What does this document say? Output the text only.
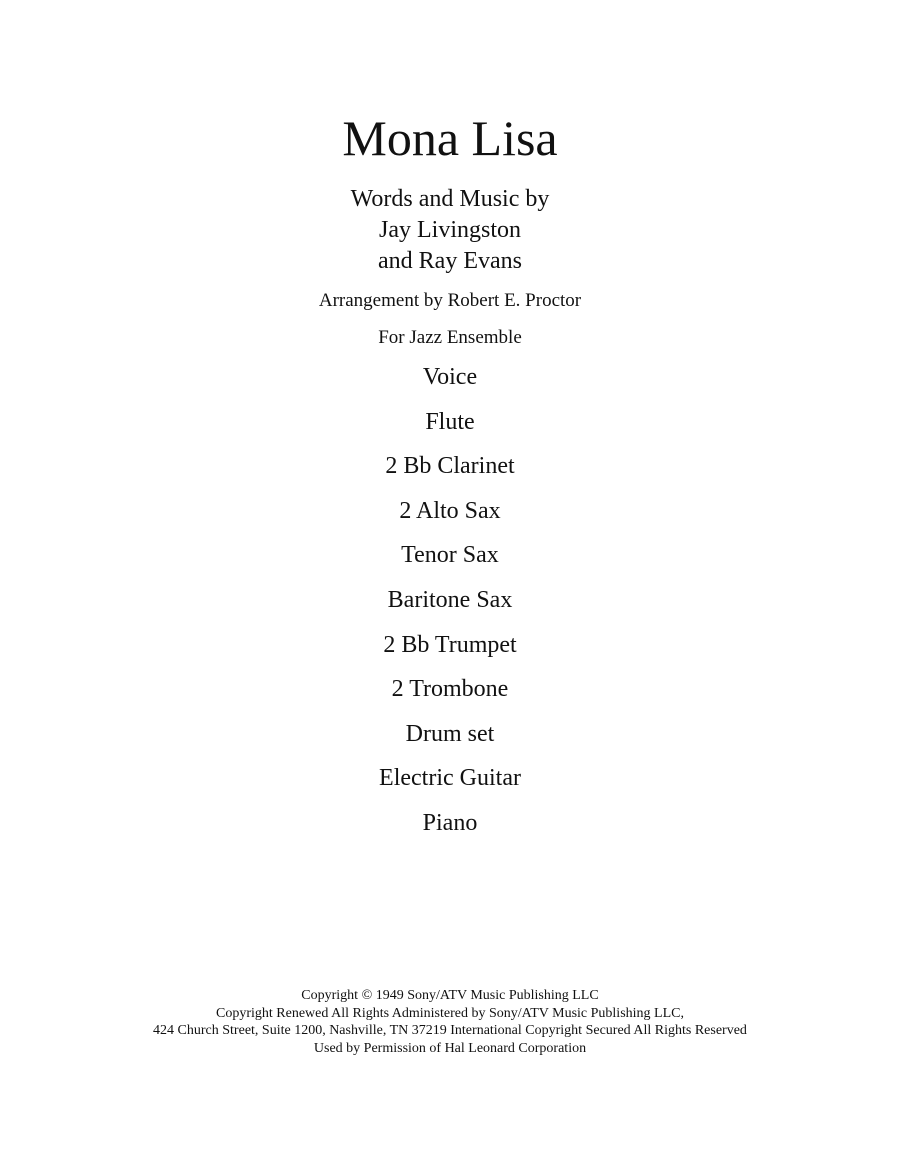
Mona Lisa
Words and Music by
Jay Livingston
and Ray Evans
Arrangement by Robert E. Proctor
For Jazz Ensemble
Voice
Flute
2 Bb Clarinet
2 Alto Sax
Tenor Sax
Baritone Sax
2 Bb Trumpet
2 Trombone
Drum set
Electric Guitar
Piano
Copyright © 1949 Sony/ATV Music Publishing LLC
Copyright Renewed All Rights Administered by Sony/ATV Music Publishing LLC,
424 Church Street, Suite 1200, Nashville, TN 37219 International Copyright Secured All Rights Reserved
Used by Permission of Hal Leonard Corporation
